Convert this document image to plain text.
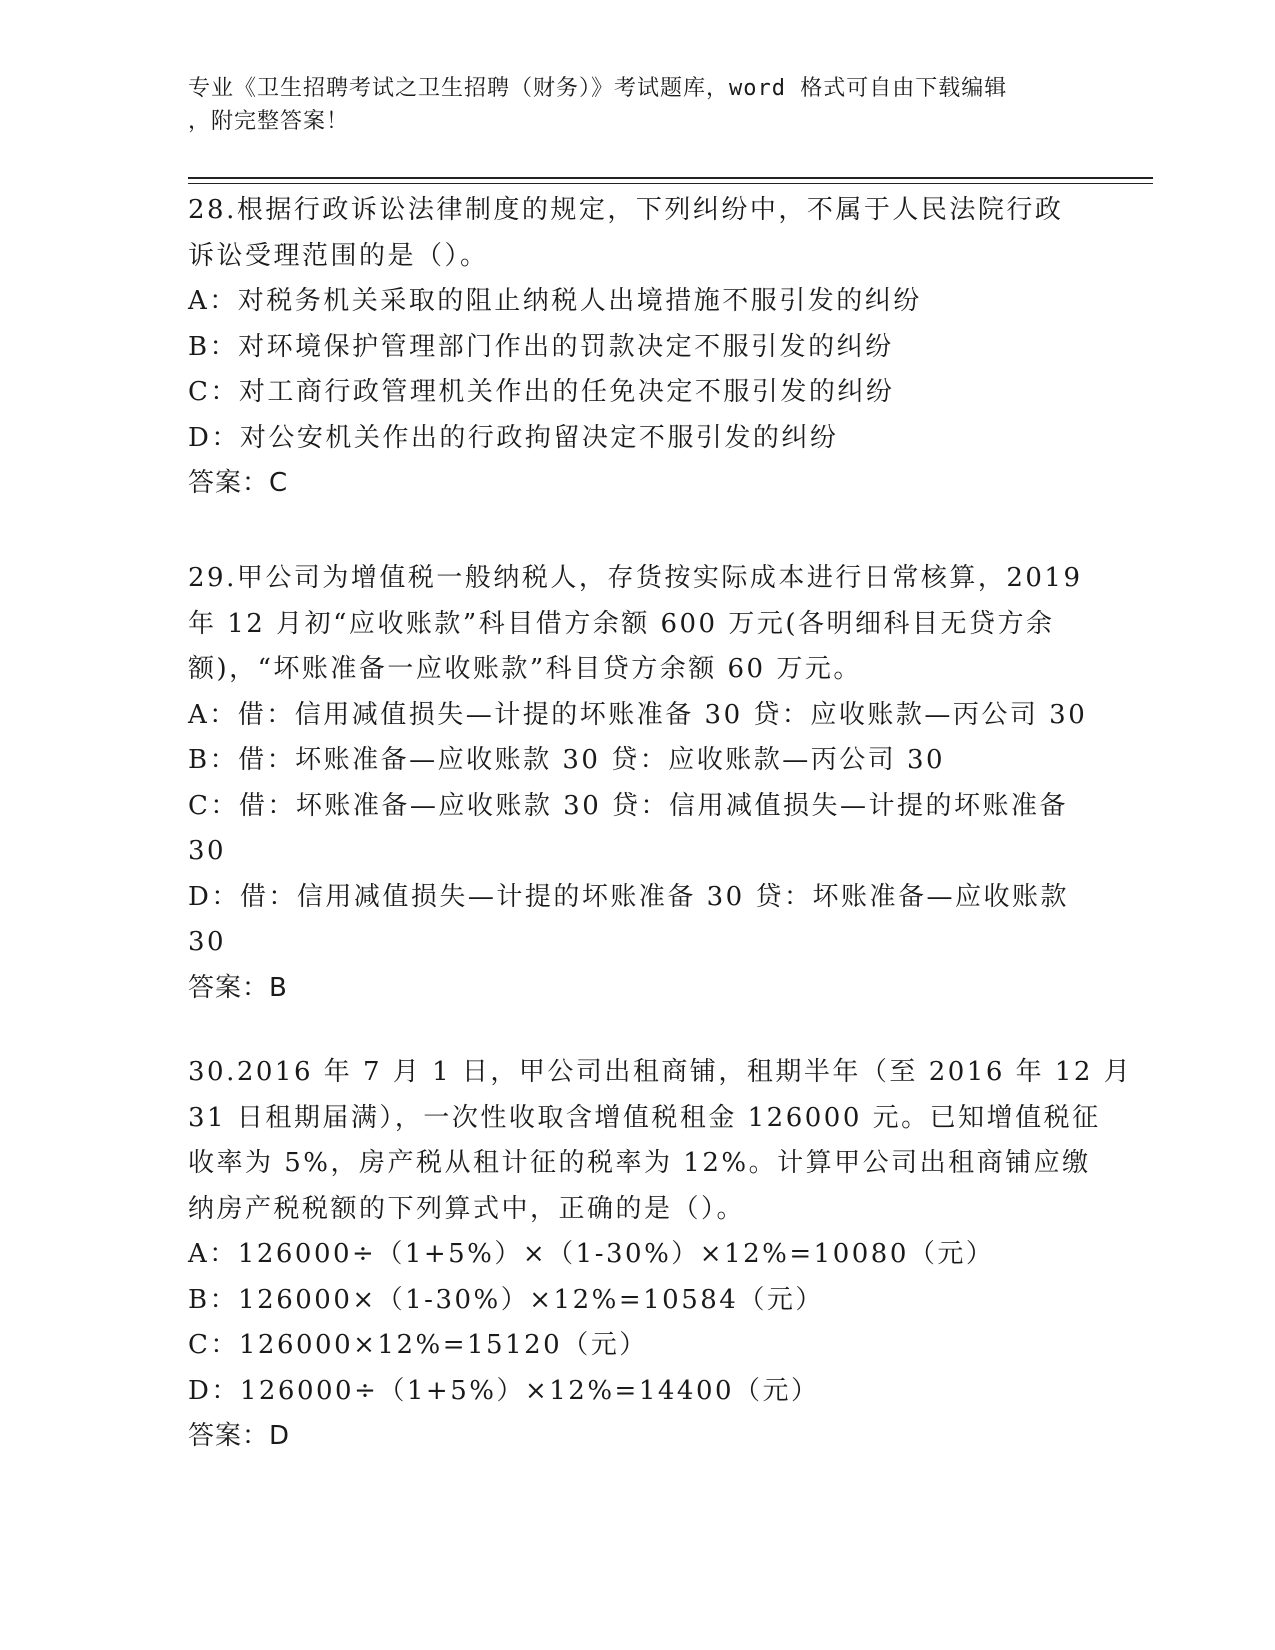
专业《卫生招聘考试之卫生招聘（财务）》考试题库，word 格式可自由下载编辑
，附完整答案！
28.根据行政诉讼法律制度的规定，下列纠纷中，不属于人民法院行政
诉讼受理范围的是（）。
A：对税务机关采取的阻止纳税人出境措施不服引发的纠纷
B：对环境保护管理部门作出的罚款决定不服引发的纠纷
C：对工商行政管理机关作出的任免决定不服引发的纠纷
D：对公安机关作出的行政拘留决定不服引发的纠纷
答案：C
29.甲公司为增值税一般纳税人，存货按实际成本进行日常核算，2019
年 12 月初“应收账款”科目借方余额 600 万元(各明细科目无贷方余
额)，“坏账准备一应收账款”科目贷方余额 60 万元。
A：借：信用减值损失—计提的坏账准备 30 贷：应收账款—丙公司 30
B：借：坏账准备—应收账款 30 贷：应收账款—丙公司 30
C：借：坏账准备—应收账款 30 贷：信用减值损失—计提的坏账准备
30
D：借：信用减值损失—计提的坏账准备 30 贷：坏账准备—应收账款
30
答案：B
30.2016 年 7 月 1 日，甲公司出租商铺，租期半年（至 2016 年 12 月
31 日租期届满），一次性收取含增值税租金 126000 元。已知增值税征
收率为 5%，房产税从租计征的税率为 12%。计算甲公司出租商铺应缴
纳房产税税额的下列算式中，正确的是（）。
A：126000÷（1+5%）×（1-30%）×12%=10080（元）
B：126000×（1-30%）×12%=10584（元）
C：126000×12%=15120（元）
D：126000÷（1+5%）×12%=14400（元）
答案：D
